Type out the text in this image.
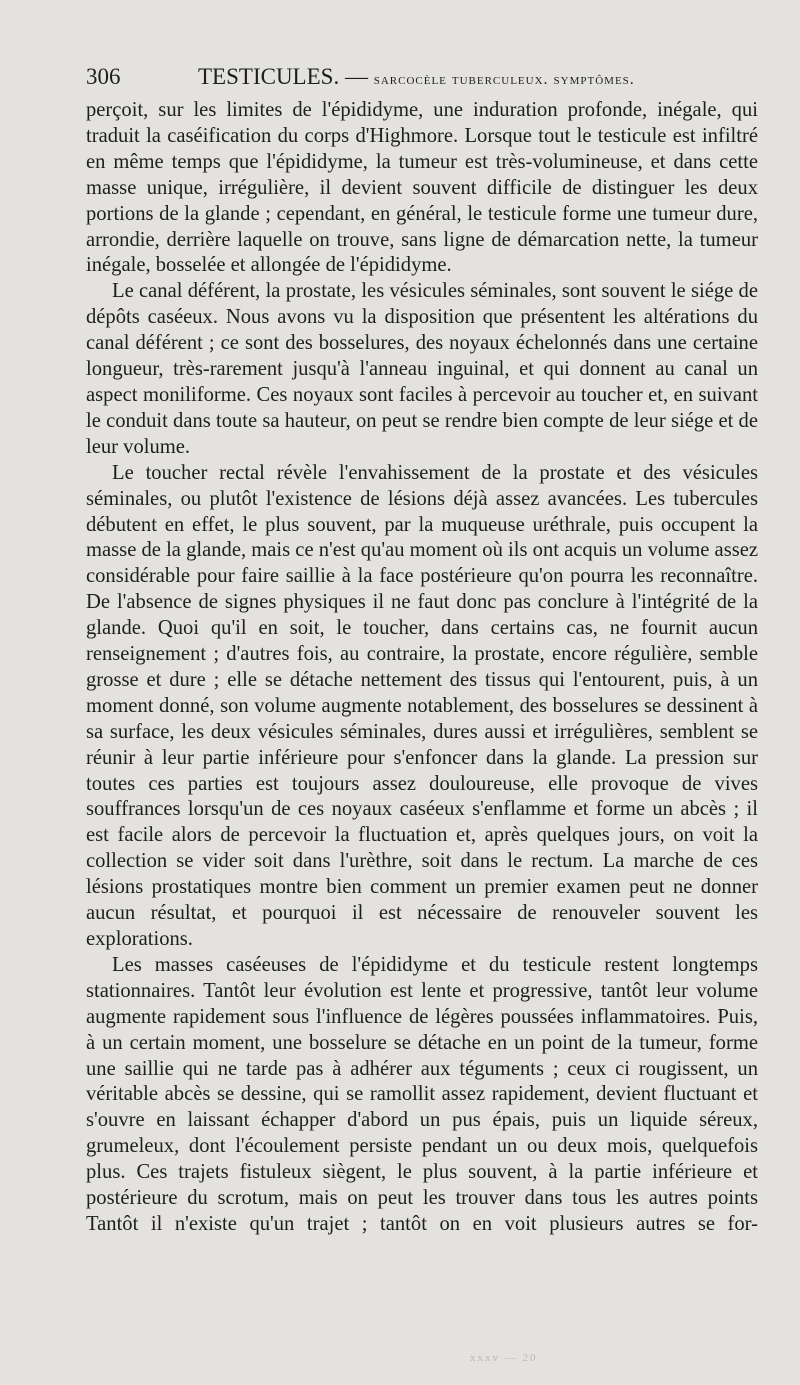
306	TESTICULES. — sarcocèle tuberculeux. symptômes.

perçoit, sur les limites de l'épididyme, une induration profonde, inégale, qui traduit la caséification du corps d'Highmore. Lorsque tout le testicule est infiltré en même temps que l'épididyme, la tumeur est très-volumineuse, et dans cette masse unique, irrégulière, il devient souvent difficile de distinguer les deux portions de la glande ; cependant, en général, le testicule forme une tumeur dure, arrondie, derrière laquelle on trouve, sans ligne de démarcation nette, la tumeur inégale, bosselée et allongée de l'épididyme.

Le canal déférent, la prostate, les vésicules séminales, sont souvent le siége de dépôts caséeux. Nous avons vu la disposition que présentent les altérations du canal déférent ; ce sont des bosselures, des noyaux échelonnés dans une certaine longueur, très-rarement jusqu'à l'anneau inguinal, et qui donnent au canal un aspect moniliforme. Ces noyaux sont faciles à percevoir au toucher et, en suivant le conduit dans toute sa hauteur, on peut se rendre bien compte de leur siége et de leur volume.

Le toucher rectal révèle l'envahissement de la prostate et des vésicules séminales, ou plutôt l'existence de lésions déjà assez avancées. Les tubercules débutent en effet, le plus souvent, par la muqueuse uréthrale, puis occupent la masse de la glande, mais ce n'est qu'au moment où ils ont acquis un volume assez considérable pour faire saillie à la face postérieure qu'on pourra les reconnaître. De l'absence de signes physiques il ne faut donc pas conclure à l'intégrité de la glande. Quoi qu'il en soit, le toucher, dans certains cas, ne fournit aucun renseignement ; d'autres fois, au contraire, la prostate, encore régulière, semble grosse et dure ; elle se détache nettement des tissus qui l'entourent, puis, à un moment donné, son volume augmente notablement, des bosselures se dessinent à sa surface, les deux vésicules séminales, dures aussi et irrégulières, semblent se réunir à leur partie inférieure pour s'enfoncer dans la glande. La pression sur toutes ces parties est toujours assez douloureuse, elle provoque de vives souffrances lorsqu'un de ces noyaux caséeux s'enflamme et forme un abcès ; il est facile alors de percevoir la fluctuation et, après quelques jours, on voit la collection se vider soit dans l'urèthre, soit dans le rectum. La marche de ces lésions prostatiques montre bien comment un premier examen peut ne donner aucun résultat, et pourquoi il est nécessaire de renouveler souvent les explorations.

Les masses caséeuses de l'épididyme et du testicule restent longtemps stationnaires. Tantôt leur évolution est lente et progressive, tantôt leur volume augmente rapidement sous l'influence de légères poussées inflammatoires. Puis, à un certain moment, une bosselure se détache en un point de la tumeur, forme une saillie qui ne tarde pas à adhérer aux téguments ; ceux ci rougissent, un véritable abcès se dessine, qui se ramollit assez rapidement, devient fluctuant et s'ouvre en laissant échapper d'abord un pus épais, puis un liquide séreux, grumeleux, dont l'écoulement persiste pendant un ou deux mois, quelquefois plus. Ces trajets fistuleux siègent, le plus souvent, à la partie inférieure et postérieure du scrotum, mais on peut les trouver dans tous les autres points Tantôt il n'existe qu'un trajet ; tantôt on en voit plusieurs autres se for-

xxxv — 20
